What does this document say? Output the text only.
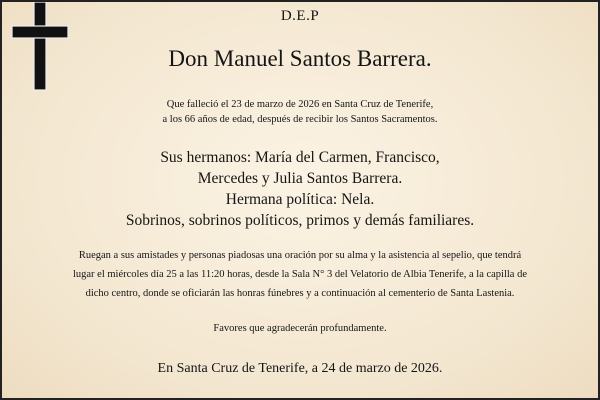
D.E.P
Don Manuel Santos Barrera.
Que falleció el 23 de marzo de 2026 en Santa Cruz de Tenerife,
a los 66 años de edad, después de recibir los Santos Sacramentos.
Sus hermanos: María del Carmen, Francisco,
Mercedes y Julia Santos Barrera.
Hermana política: Nela.
Sobrinos, sobrinos políticos, primos y demás familiares.
Ruegan a sus amistades y personas piadosas una oración por su alma y la asistencia al sepelio, que tendrá
lugar el miércoles día 25 a las 11:20 horas, desde la Sala N° 3 del Velatorio de Albia Tenerife, a la capilla de
dicho centro, donde se oficiarán las honras fúnebres y a continuación al cementerio de Santa Lastenia.
Favores que agradecerán profundamente.
En Santa Cruz de Tenerife, a 24 de marzo de 2026.
